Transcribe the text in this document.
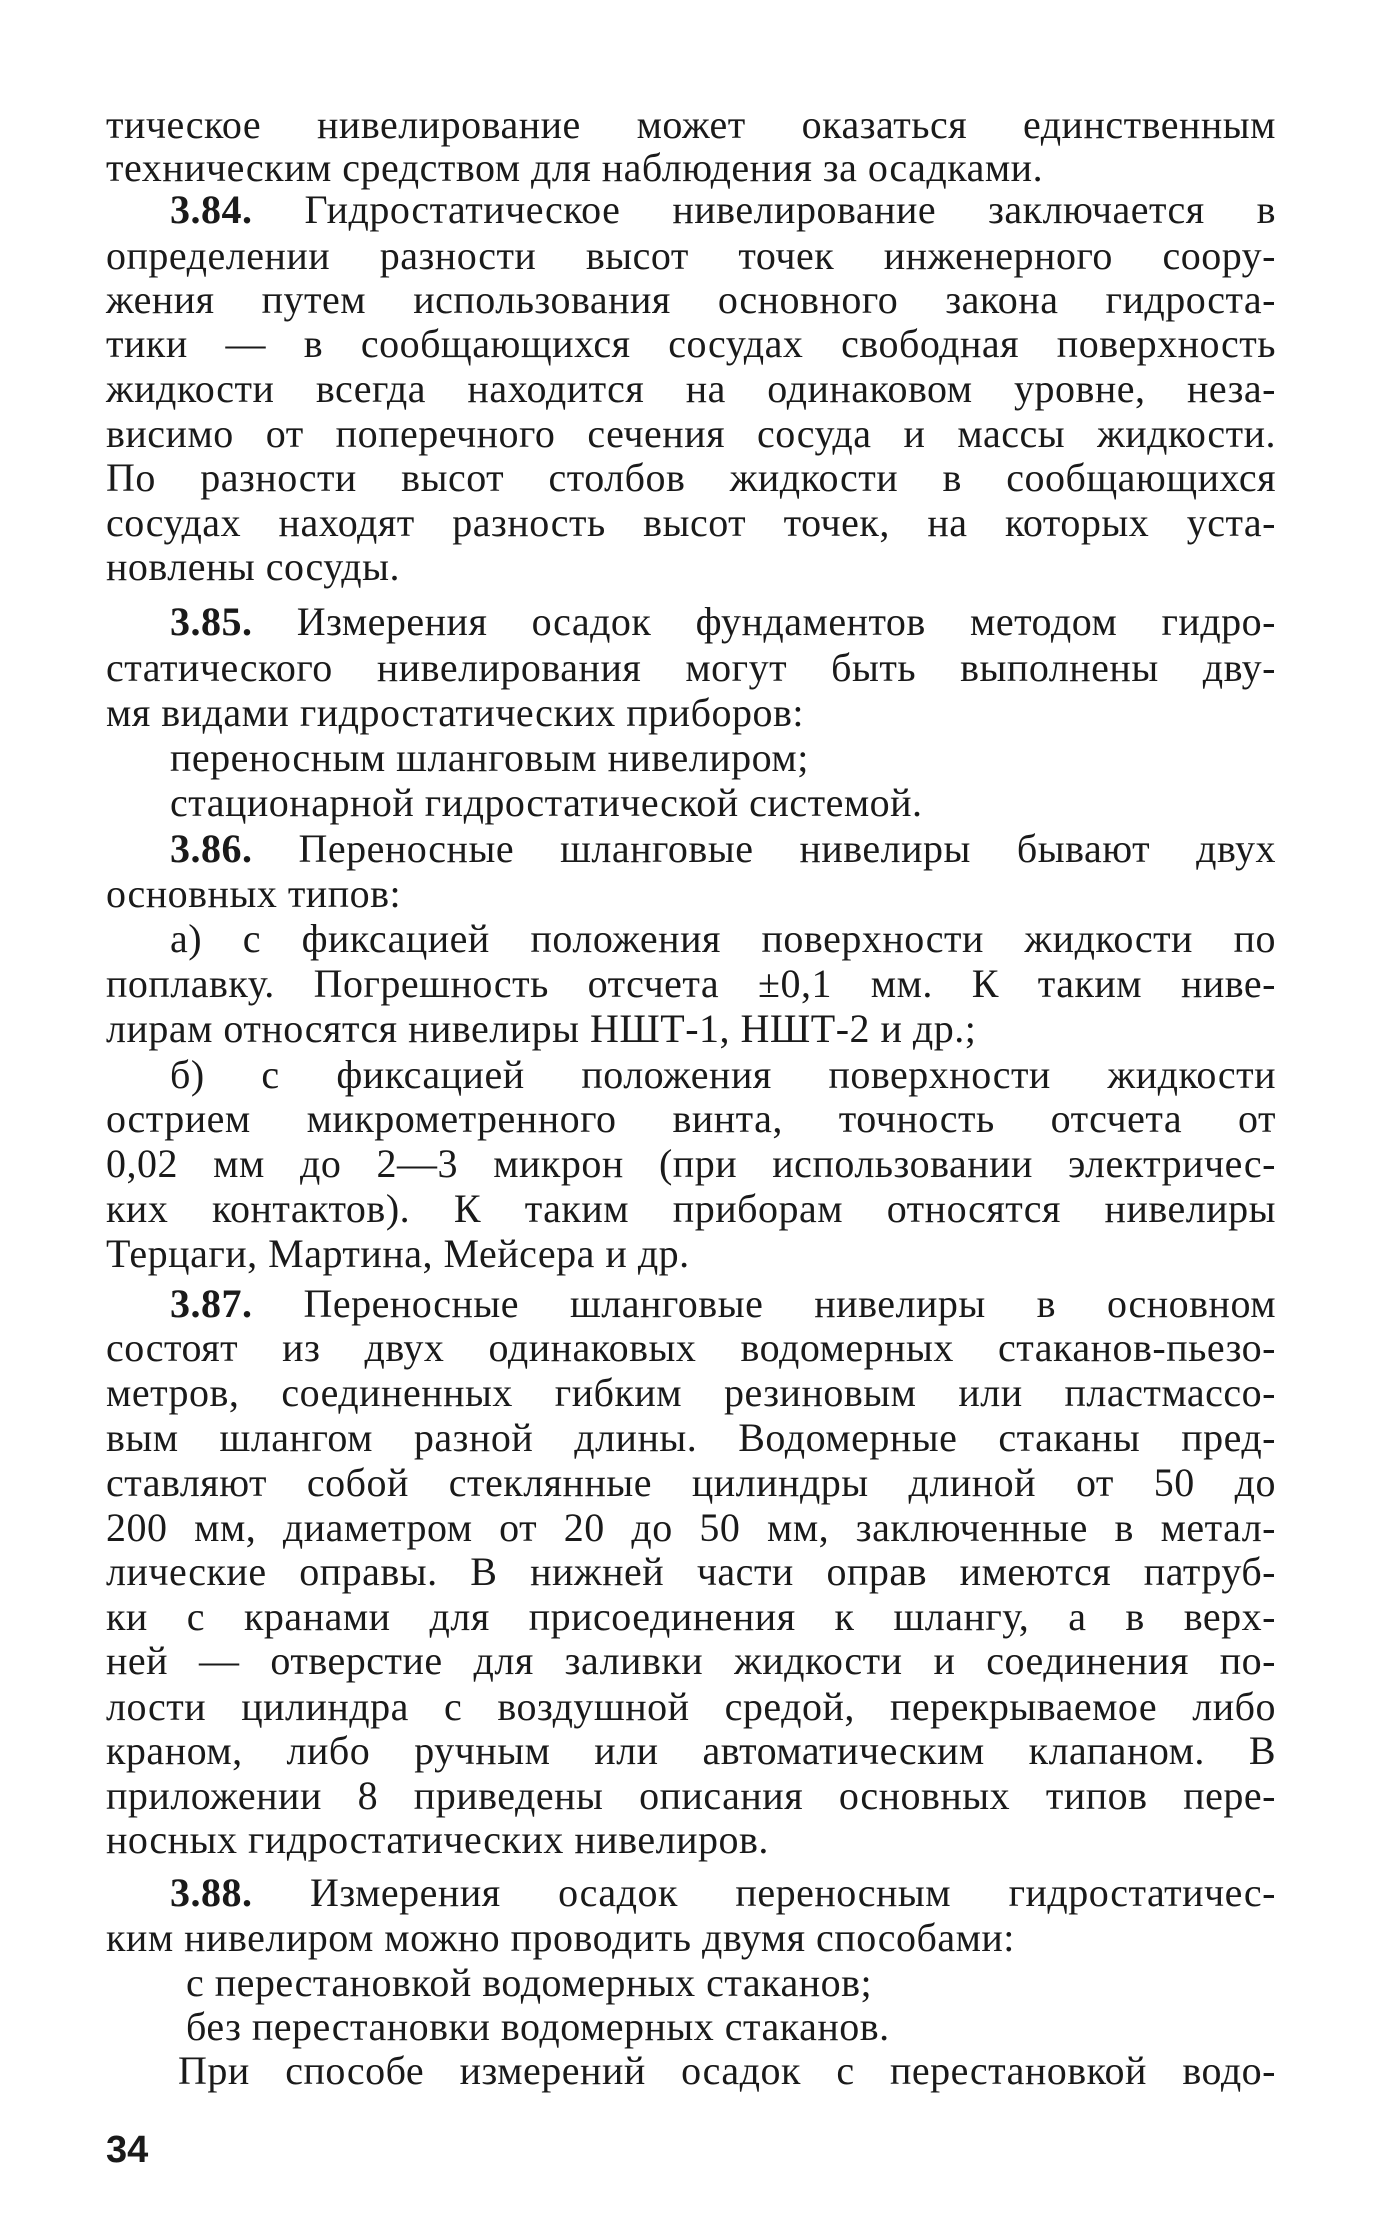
тическое нивелирование может оказаться единственным
техническим средством для наблюдения за осадками.
3.84. Гидростатическое нивелирование заключается в
определении разности высот точек инженерного соору-
жения путем использования основного закона гидроста-
тики — в сообщающихся сосудах свободная поверхность
жидкости всегда находится на одинаковом уровне, неза-
висимо от поперечного сечения сосуда и массы жидкости.
По разности высот столбов жидкости в сообщающихся
сосудах находят разность высот точек, на которых уста-
новлены сосуды.
3.85. Измерения осадок фундаментов методом гидро-
статического нивелирования могут быть выполнены дву-
мя видами гидростатических приборов:
переносным шланговым нивелиром;
стационарной гидростатической системой.
3.86. Переносные шланговые нивелиры бывают двух
основных типов:
а) с фиксацией положения поверхности жидкости по
поплавку. Погрешность отсчета ±0,1 мм. К таким ниве-
лирам относятся нивелиры НШТ-1, НШТ-2 и др.;
б) с фиксацией положения поверхности жидкости
острием микрометренного винта, точность отсчета от
0,02 мм до 2—3 микрон (при использовании электричес-
ких контактов). К таким приборам относятся нивелиры
Терцаги, Мартина, Мейсера и др.
3.87. Переносные шланговые нивелиры в основном
состоят из двух одинаковых водомерных стаканов-пьезо-
метров, соединенных гибким резиновым или пластмассо-
вым шлангом разной длины. Водомерные стаканы пред-
ставляют собой стеклянные цилиндры длиной от 50 до
200 мм, диаметром от 20 до 50 мм, заключенные в метал-
лические оправы. В нижней части оправ имеются патруб-
ки с кранами для присоединения к шлангу, а в верх-
ней — отверстие для заливки жидкости и соединения по-
лости цилиндра с воздушной средой, перекрываемое либо
краном, либо ручным или автоматическим клапаном. В
приложении 8 приведены описания основных типов пере-
носных гидростатических нивелиров.
3.88. Измерения осадок переносным гидростатичес-
ким нивелиром можно проводить двумя способами:
с перестановкой водомерных стаканов;
без перестановки водомерных стаканов.
При способе измерений осадок с перестановкой водо-
34
